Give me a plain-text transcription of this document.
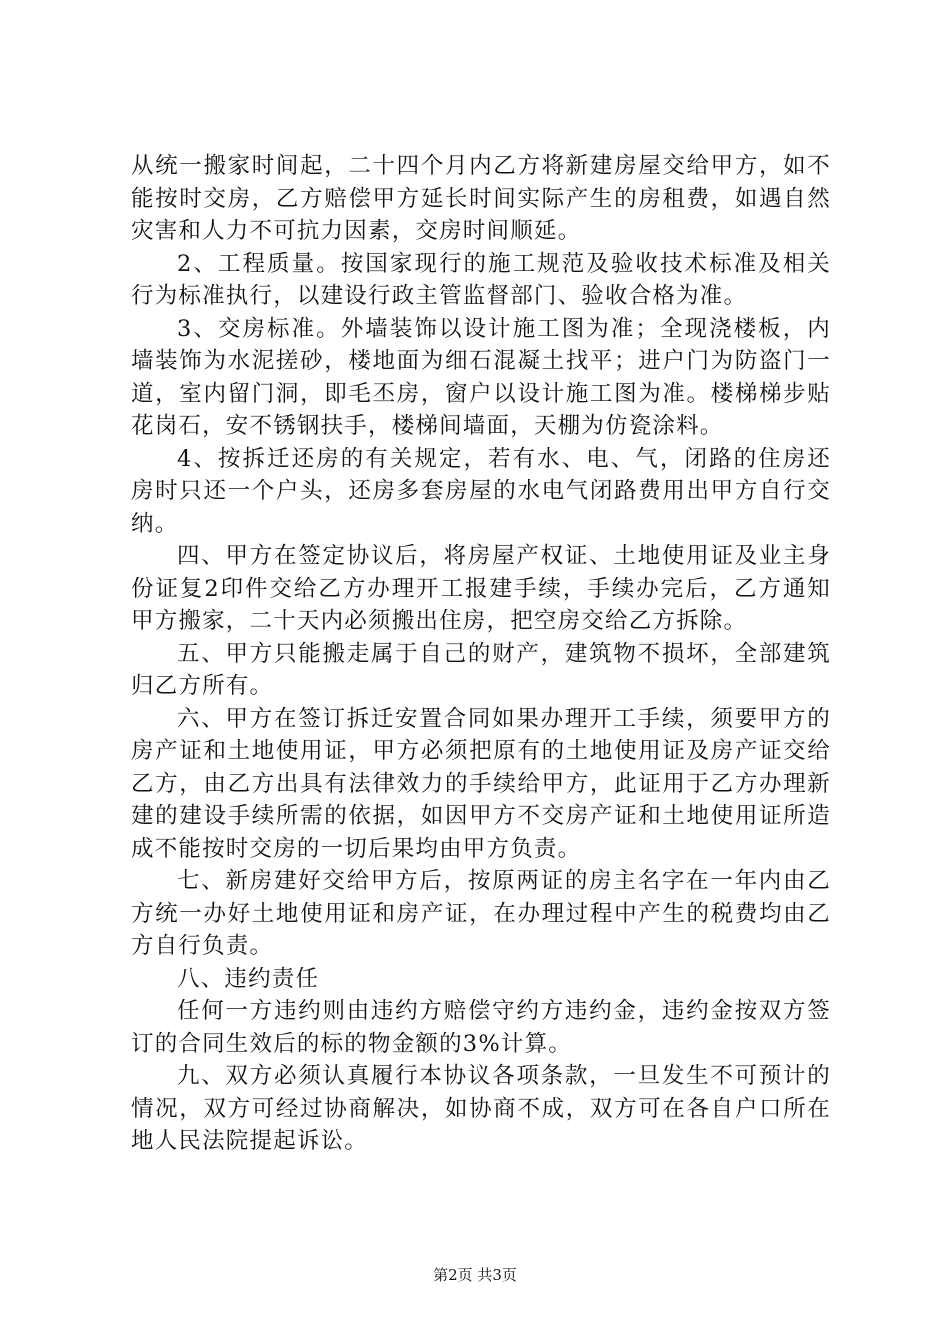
从统一搬家时间起，二十四个月内乙方将新建房屋交给甲方，如不能按时交房，乙方赔偿甲方延长时间实际产生的房租费，如遇自然灾害和人力不可抗力因素，交房时间顺延。

2、工程质量。按国家现行的施工规范及验收技术标准及相关行为标准执行，以建设行政主管监督部门、验收合格为准。

3、交房标准。外墙装饰以设计施工图为准；全现浇楼板，内墙装饰为水泥搓砂，楼地面为细石混凝土找平；进户门为防盗门一道，室内留门洞，即毛丕房，窗户以设计施工图为准。楼梯梯步贴花岗石，安不锈钢扶手，楼梯间墙面，天棚为仿瓷涂料。

4、按拆迁还房的有关规定，若有水、电、气，闭路的住房还房时只还一个户头，还房多套房屋的水电气闭路费用出甲方自行交纳。

四、甲方在签定协议后，将房屋产权证、土地使用证及业主身份证复2印件交给乙方办理开工报建手续，手续办完后，乙方通知甲方搬家，二十天内必须搬出住房，把空房交给乙方拆除。

五、甲方只能搬走属于自己的财产，建筑物不损坏，全部建筑归乙方所有。

六、甲方在签订拆迁安置合同如果办理开工手续，须要甲方的房产证和土地使用证，甲方必须把原有的土地使用证及房产证交给乙方，由乙方出具有法律效力的手续给甲方，此证用于乙方办理新建的建设手续所需的依据，如因甲方不交房产证和土地使用证所造成不能按时交房的一切后果均由甲方负责。

七、新房建好交给甲方后，按原两证的房主名字在一年内由乙方统一办好土地使用证和房产证，在办理过程中产生的税费均由乙方自行负责。

八、违约责任

任何一方违约则由违约方赔偿守约方违约金，违约金按双方签订的合同生效后的标的物金额的3%计算。

九、双方必须认真履行本协议各项条款，一旦发生不可预计的情况，双方可经过协商解决，如协商不成，双方可在各自户口所在地人民法院提起诉讼。

第2页 共3页
